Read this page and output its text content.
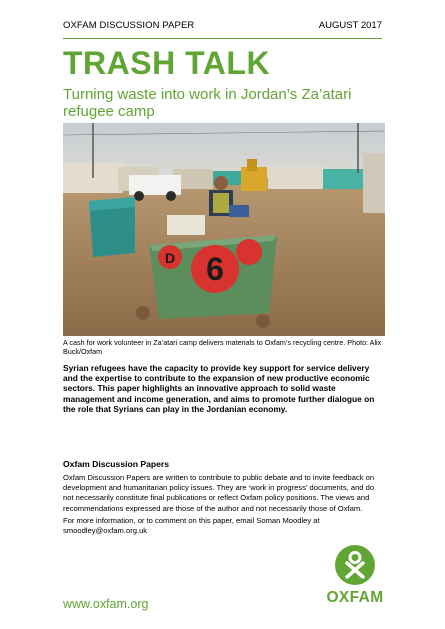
OXFAM DISCUSSION PAPER	AUGUST 2017
TRASH TALK
Turning waste into work in Jordan’s Za’atari refugee camp
6
D
A cash for work volunteer in Za’atari camp delivers materials to Oxfam’s recycling centre. Photo: Alix Buck/Oxfam
Syrian refugees have the capacity to provide key support for service delivery and the expertise to contribute to the expansion of new productive economic sectors. This paper highlights an innovative approach to solid waste management and income generation, and aims to promote further dialogue on the role that Syrians can play in the Jordanian economy.
Oxfam Discussion Papers
Oxfam Discussion Papers are written to contribute to public debate and to invite feedback on development and humanitarian policy issues. They are ‘work in progress’ documents, and do not necessarily constitute final publications or reflect Oxfam policy positions. The views and recommendations expressed are those of the author and not necessarily those of Oxfam.
For more information, or to comment on this paper, email Soman Moodley at smoodley@oxfam.org.uk
www.oxfam.org	OXFAM
